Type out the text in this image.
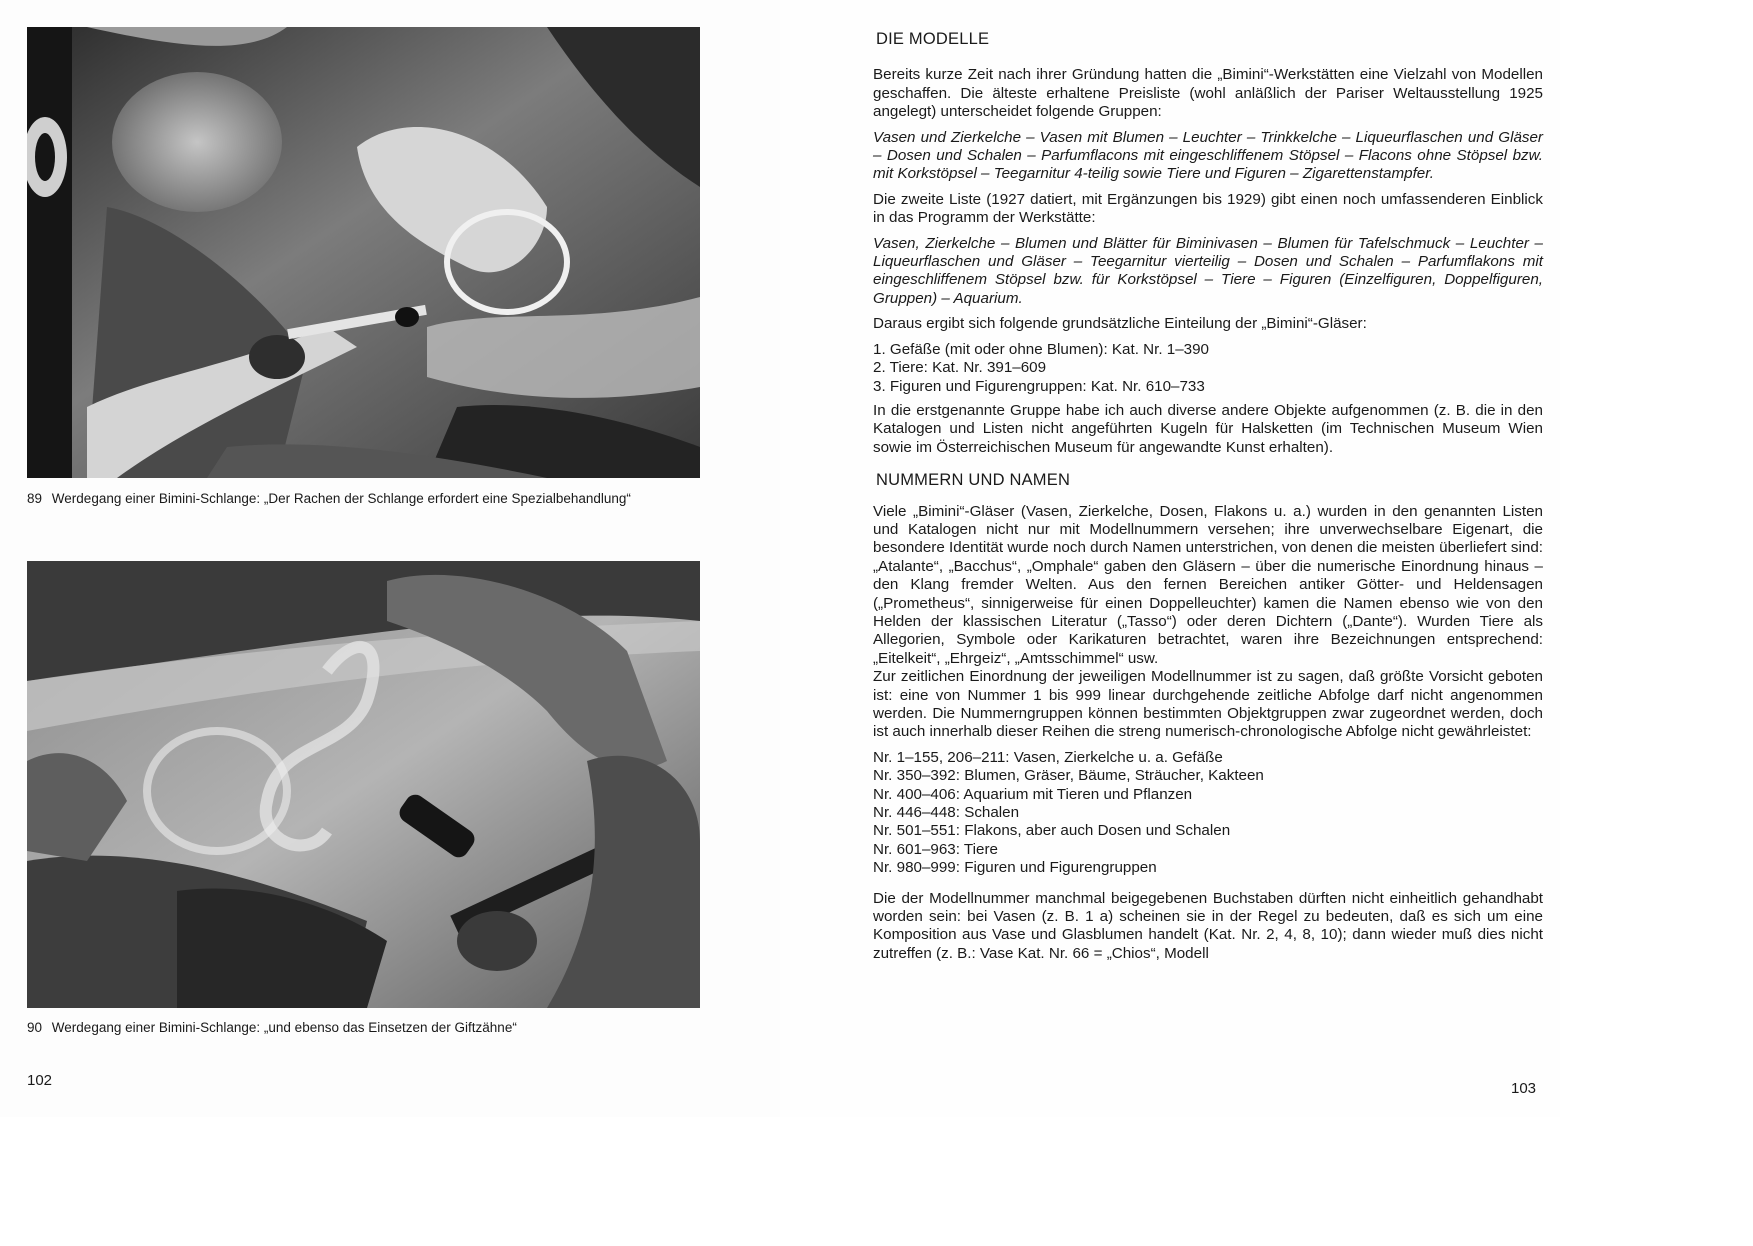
89 Werdegang einer Bimini-Schlange: „Der Rachen der Schlange erfordert eine Spezialbehandlung“
90 Werdegang einer Bimini-Schlange: „und ebenso das Einsetzen der Giftzähne“
102	103
DIE MODELLE

Bereits kurze Zeit nach ihrer Gründung hatten die „Bimini“-Werkstätten eine Vielzahl von Modellen geschaffen. Die älteste erhaltene Preisliste (wohl anläßlich der Pariser Weltausstellung 1925 angelegt) unterscheidet folgende Gruppen:

Vasen und Zierkelche – Vasen mit Blumen – Leuchter – Trinkkelche – Liqueurflaschen und Gläser – Dosen und Schalen – Parfumflacons mit eingeschliffenem Stöpsel – Flacons ohne Stöpsel bzw. mit Korkstöpsel – Teegarnitur 4-teilig sowie Tiere und Figuren – Zigarettenstampfer.

Die zweite Liste (1927 datiert, mit Ergänzungen bis 1929) gibt einen noch umfassenderen Einblick in das Programm der Werkstätte:

Vasen, Zierkelche – Blumen und Blätter für Biminivasen – Blumen für Tafelschmuck – Leuchter – Liqueurflaschen und Gläser – Teegarnitur vierteilig – Dosen und Schalen – Parfumflakons mit eingeschliffenem Stöpsel bzw. für Korkstöpsel – Tiere – Figuren (Einzelfiguren, Doppelfiguren, Gruppen) – Aquarium.

Daraus ergibt sich folgende grundsätzliche Einteilung der „Bimini“-Gläser:

1. Gefäße (mit oder ohne Blumen): Kat. Nr. 1–390
2. Tiere: Kat. Nr. 391–609
3. Figuren und Figurengruppen: Kat. Nr. 610–733

In die erstgenannte Gruppe habe ich auch diverse andere Objekte aufgenommen (z. B. die in den Katalogen und Listen nicht angeführten Kugeln für Halsketten (im Technischen Museum Wien sowie im Österreichischen Museum für angewandte Kunst erhalten).

NUMMERN UND NAMEN

Viele „Bimini“-Gläser (Vasen, Zierkelche, Dosen, Flakons u. a.) wurden in den genannten Listen und Katalogen nicht nur mit Modellnummern versehen; ihre unverwechselbare Eigenart, die besondere Identität wurde noch durch Namen unterstrichen, von denen die meisten überliefert sind: „Atalante“, „Bacchus“, „Omphale“ gaben den Gläsern – über die numerische Einordnung hinaus – den Klang fremder Welten. Aus den fernen Bereichen antiker Götter- und Heldensagen („Prometheus“, sinnigerweise für einen Doppelleuchter) kamen die Namen ebenso wie von den Helden der klassischen Literatur („Tasso“) oder deren Dichtern („Dante“). Wurden Tiere als Allegorien, Symbole oder Karikaturen betrachtet, waren ihre Bezeichnungen entsprechend: „Eitelkeit“, „Ehrgeiz“, „Amtsschimmel“ usw.

Zur zeitlichen Einordnung der jeweiligen Modellnummer ist zu sagen, daß größte Vorsicht geboten ist: eine von Nummer 1 bis 999 linear durchgehende zeitliche Abfolge darf nicht angenommen werden. Die Nummerngruppen können bestimmten Objektgruppen zwar zugeordnet werden, doch ist auch innerhalb dieser Reihen die streng numerisch-chronologische Abfolge nicht gewährleistet:

Nr. 1–155, 206–211: Vasen, Zierkelche u. a. Gefäße
Nr. 350–392: Blumen, Gräser, Bäume, Sträucher, Kakteen
Nr. 400–406: Aquarium mit Tieren und Pflanzen
Nr. 446–448: Schalen
Nr. 501–551: Flakons, aber auch Dosen und Schalen
Nr. 601–963: Tiere
Nr. 980–999: Figuren und Figurengruppen

Die der Modellnummer manchmal beigegebenen Buchstaben dürften nicht einheitlich gehandhabt worden sein: bei Vasen (z. B. 1 a) scheinen sie in der Regel zu bedeuten, daß es sich um eine Komposition aus Vase und Glasblumen handelt (Kat. Nr. 2, 4, 8, 10); dann wieder muß dies nicht zutreffen (z. B.: Vase Kat. Nr. 66 = „Chios“, Modell
